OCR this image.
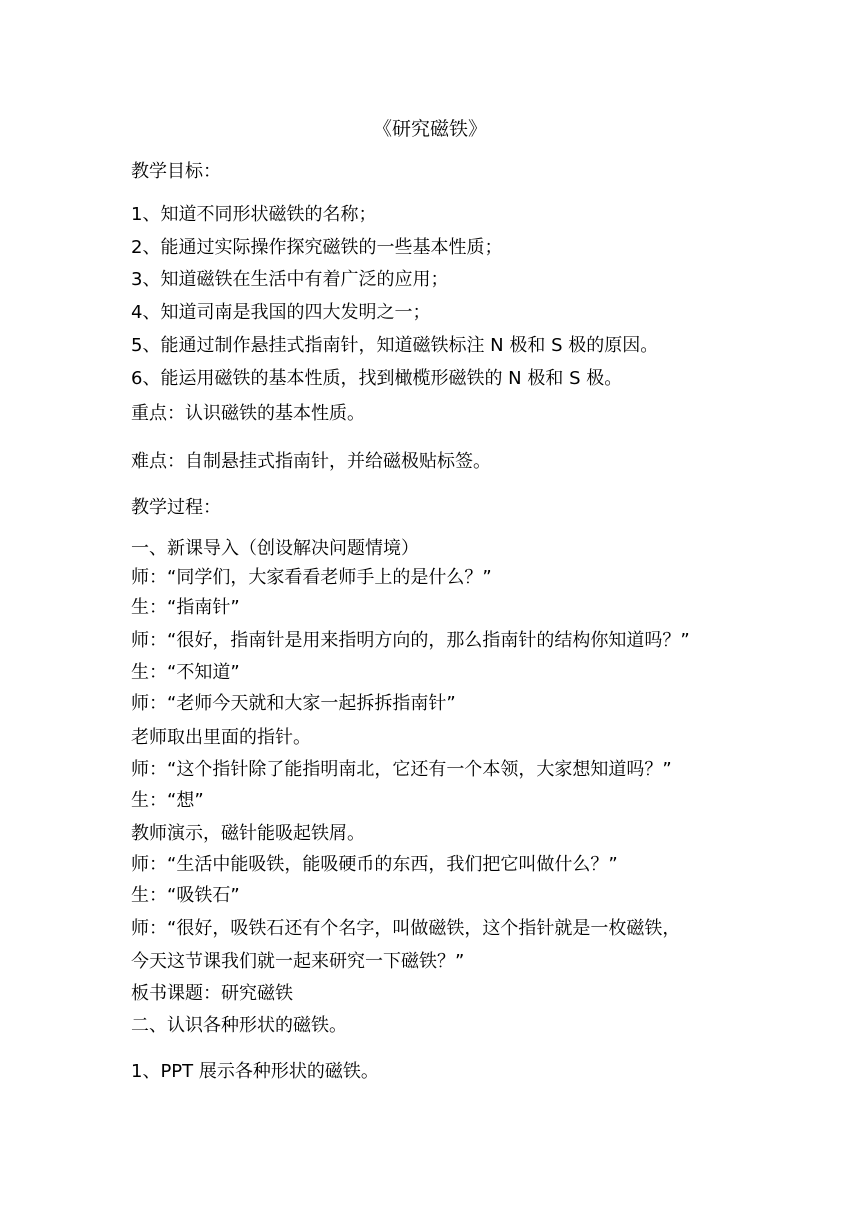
《研究磁铁》
教学目标：
1、知道不同形状磁铁的名称；
2、能通过实际操作探究磁铁的一些基本性质；
3、知道磁铁在生活中有着广泛的应用；
4、知道司南是我国的四大发明之一；
5、能通过制作悬挂式指南针，知道磁铁标注 N 极和 S 极的原因。
6、能运用磁铁的基本性质，找到橄榄形磁铁的 N 极和 S 极。
重点：认识磁铁的基本性质。
难点：自制悬挂式指南针，并给磁极贴标签。
教学过程：
一、新课导入（创设解决问题情境）
师：“同学们，大家看看老师手上的是什么？”
生：“指南针”
师：“很好，指南针是用来指明方向的，那么指南针的结构你知道吗？”
生：“不知道”
师：“老师今天就和大家一起拆拆指南针”
老师取出里面的指针。
师：“这个指针除了能指明南北，它还有一个本领，大家想知道吗？”
生：“想”
教师演示，磁针能吸起铁屑。
师：“生活中能吸铁，能吸硬币的东西，我们把它叫做什么？”
生：“吸铁石”
师：“很好，吸铁石还有个名字，叫做磁铁，这个指针就是一枚磁铁，
今天这节课我们就一起来研究一下磁铁？”
板书课题：研究磁铁
二、认识各种形状的磁铁。
1、PPT 展示各种形状的磁铁。
